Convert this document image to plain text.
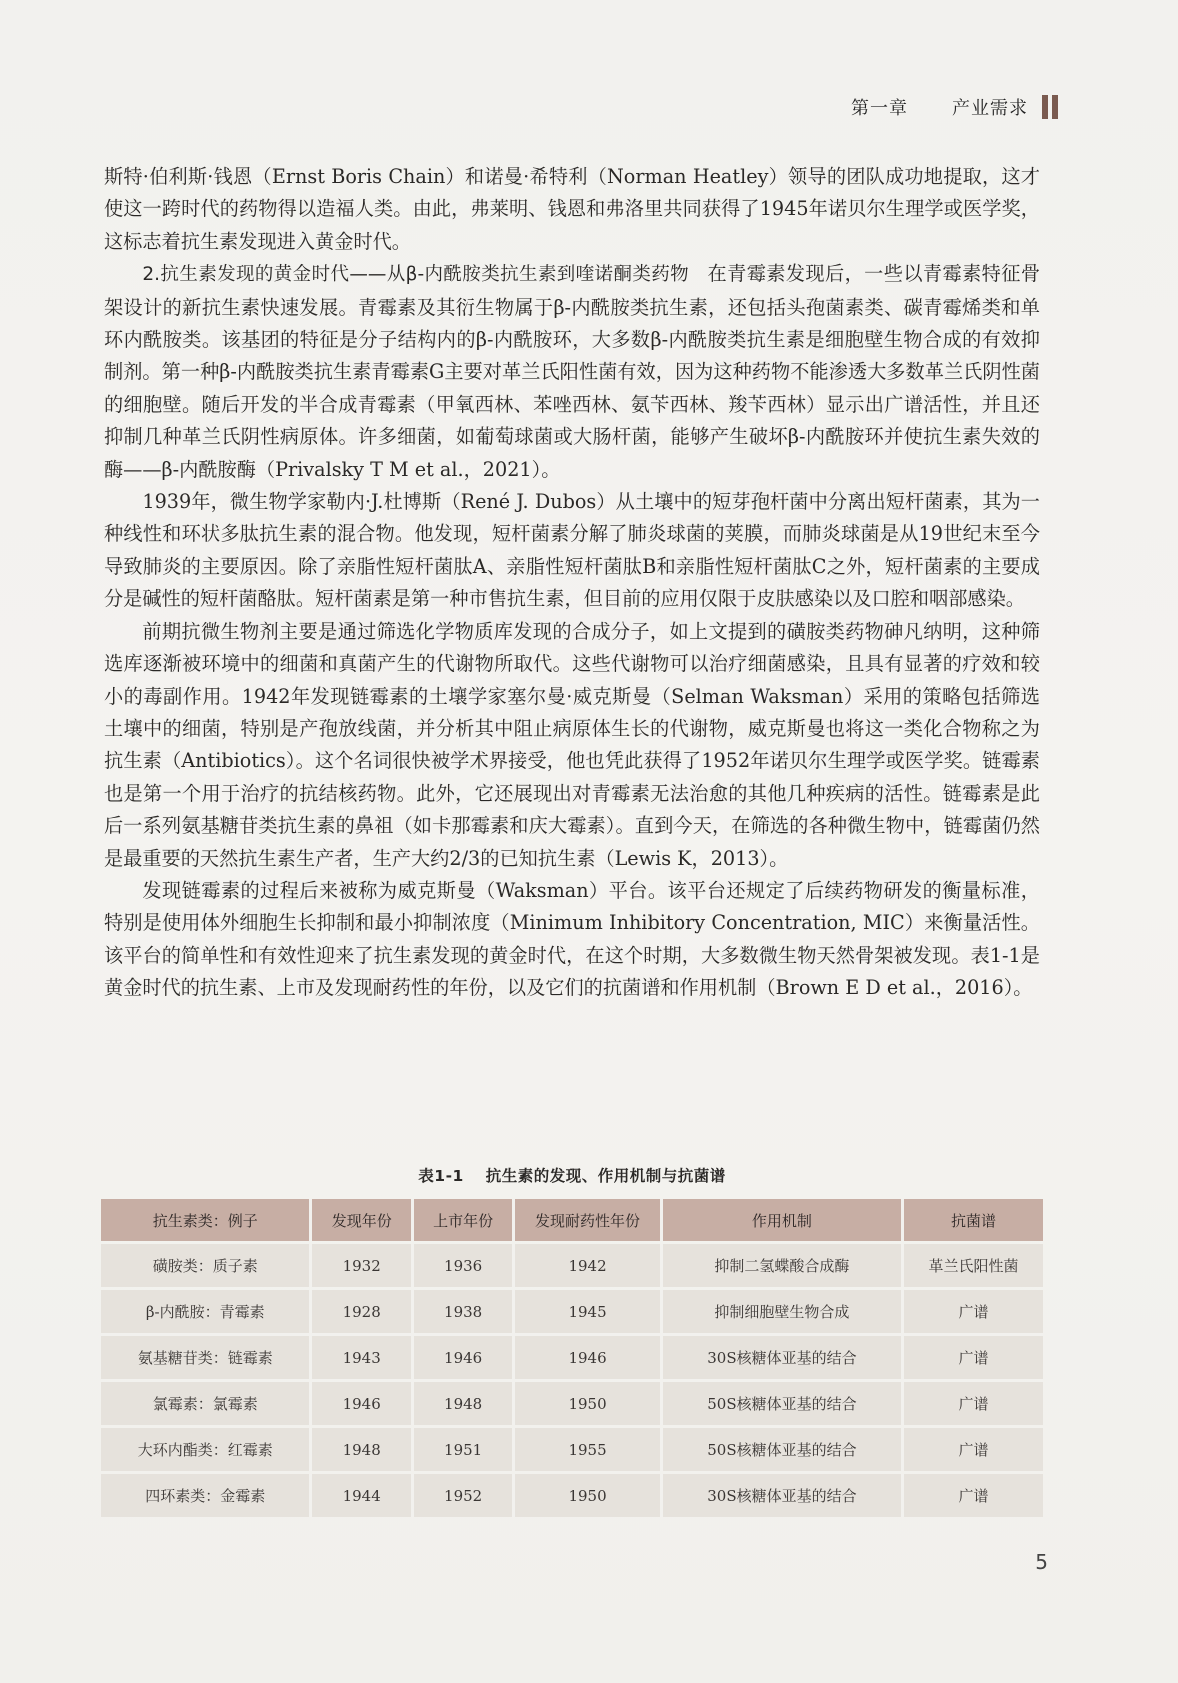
第一章 产业需求

斯特·伯利斯·钱恩（Ernst Boris Chain）和诺曼·希特利（Norman Heatley）领导的团队成功地提取，这才使这一跨时代的药物得以造福人类。由此，弗莱明、钱恩和弗洛里共同获得了1945年诺贝尔生理学或医学奖，这标志着抗生素发现进入黄金时代。

2.抗生素发现的黄金时代——从β-内酰胺类抗生素到喹诺酮类药物 在青霉素发现后，一些以青霉素特征骨架设计的新抗生素快速发展。青霉素及其衍生物属于β-内酰胺类抗生素，还包括头孢菌素类、碳青霉烯类和单环内酰胺类。该基团的特征是分子结构内的β-内酰胺环，大多数β-内酰胺类抗生素是细胞壁生物合成的有效抑制剂。第一种β-内酰胺类抗生素青霉素G主要对革兰氏阳性菌有效，因为这种药物不能渗透大多数革兰氏阴性菌的细胞壁。随后开发的半合成青霉素（甲氧西林、苯唑西林、氨苄西林、羧苄西林）显示出广谱活性，并且还抑制几种革兰氏阴性病原体。许多细菌，如葡萄球菌或大肠杆菌，能够产生破坏β-内酰胺环并使抗生素失效的酶——β-内酰胺酶（Privalsky T M et al.，2021）。

1939年，微生物学家勒内·J.杜博斯（René J. Dubos）从土壤中的短芽孢杆菌中分离出短杆菌素，其为一种线性和环状多肽抗生素的混合物。他发现，短杆菌素分解了肺炎球菌的荚膜，而肺炎球菌是从19世纪末至今导致肺炎的主要原因。除了亲脂性短杆菌肽A、亲脂性短杆菌肽B和亲脂性短杆菌肽C之外，短杆菌素的主要成分是碱性的短杆菌酪肽。短杆菌素是第一种市售抗生素，但目前的应用仅限于皮肤感染以及口腔和咽部感染。

前期抗微生物剂主要是通过筛选化学物质库发现的合成分子，如上文提到的磺胺类药物砷凡纳明，这种筛选库逐渐被环境中的细菌和真菌产生的代谢物所取代。这些代谢物可以治疗细菌感染，且具有显著的疗效和较小的毒副作用。1942年发现链霉素的土壤学家塞尔曼·威克斯曼（Selman Waksman）采用的策略包括筛选土壤中的细菌，特别是产孢放线菌，并分析其中阻止病原体生长的代谢物，威克斯曼也将这一类化合物称之为抗生素（Antibiotics）。这个名词很快被学术界接受，他也凭此获得了1952年诺贝尔生理学或医学奖。链霉素也是第一个用于治疗的抗结核药物。此外，它还展现出对青霉素无法治愈的其他几种疾病的活性。链霉素是此后一系列氨基糖苷类抗生素的鼻祖（如卡那霉素和庆大霉素）。直到今天，在筛选的各种微生物中，链霉菌仍然是最重要的天然抗生素生产者，生产大约2/3的已知抗生素（Lewis K，2013）。

发现链霉素的过程后来被称为威克斯曼（Waksman）平台。该平台还规定了后续药物研发的衡量标准，特别是使用体外细胞生长抑制和最小抑制浓度（Minimum Inhibitory Concentration, MIC）来衡量活性。该平台的简单性和有效性迎来了抗生素发现的黄金时代，在这个时期，大多数微生物天然骨架被发现。表1-1是黄金时代的抗生素、上市及发现耐药性的年份，以及它们的抗菌谱和作用机制（Brown E D et al.，2016）。

表1-1 抗生素的发现、作用机制与抗菌谱
抗生素类：例子	发现年份	上市年份	发现耐药性年份	作用机制	抗菌谱
磺胺类：质子素	1932	1936	1942	抑制二氢蝶酸合成酶	革兰氏阳性菌
β-内酰胺：青霉素	1928	1938	1945	抑制细胞壁生物合成	广谱
氨基糖苷类：链霉素	1943	1946	1946	30S核糖体亚基的结合	广谱
氯霉素：氯霉素	1946	1948	1950	50S核糖体亚基的结合	广谱
大环内酯类：红霉素	1948	1951	1955	50S核糖体亚基的结合	广谱
四环素类：金霉素	1944	1952	1950	30S核糖体亚基的结合	广谱
5
